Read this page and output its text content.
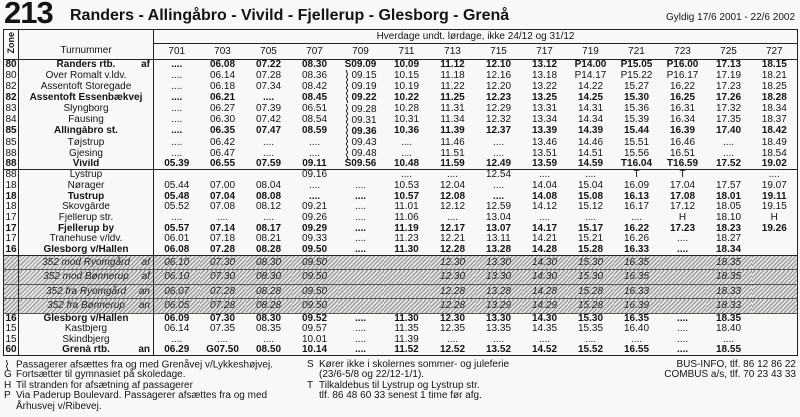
213 Randers - Allingåbro - Vivild - Fjellerup - Glesborg - Grenå	Gyldig 17/6 2001 - 22/6 2002
Zone		Hverdage undt. lørdage, ikke 24/12 og 31/12													
	Turnummer	701	703	705	707	709	711	713	715	717	719	721	723	725	727
80	Randers rtb. af	....	06.08	07.22	08.30	S09.09	10.09	11.12	12.10	13.12	P14.00	P15.05	P16.00	17.13	18.15
80	Over Romalt v.ldv.	....	06.14	07.28	08.36	09.15	10.15	11.18	12.16	13.18	P14.17	P15.22	P16.17	17.19	18.21
82	Assentoft Storegade	....	06.18	07.34	08.42	09.19	10.19	11.22	12.20	13.22	14.22	15.27	16.22	17.23	18.25
82	Assentoft Essenbækvej	....	06.21	....	08.45	09.22	10.22	11.25	12.23	13.25	14.25	15.30	16.25	17.26	18.28
83	Slyngborg	....	06.27	07.39	06.51	09.28	10.28	11.31	12.29	13.31	14.31	15.36	16.31	17.32	18.34
84	Fausing	....	06.30	07.42	08.54	09.31	10.31	11.34	12.32	13.34	14.34	15.39	16.34	17.35	18.37
85	Allingåbro st.	....	06.35	07.47	08.59	09.36	10.36	11.39	12.37	13.39	14.39	15.44	16.39	17.40	18.42
85	Tøjstrup	....	06.42	....	....	09.43	....	11.46	....	13.46	14.46	15.51	16.46	....	18.49
88	Gjesing	....	06.47	....	....	09.48	....	11.51	....	13.51	14.51	15.56	16.51	....	18.54
88	Vivild	05.39	06.55	07.59	09.11	S09.56	10.48	11.59	12.49	13.59	14.59	T16.04	T16.59	17.52	19.02
88	Lystrup				09.16		....	....	12.54	....	....	T	T		....
18	Nørager	05.44	07.00	08.04	....	....	10.53	12.04	....	14.04	15.04	16.09	17.04	17.57	19.07
18	Tustrup	05.48	07.04	08.08	....	....	10.57	12.08	....	14.08	15.08	16.13	17.08	18.01	19.11
18	Skovgårde	05.52	07.08	08.12	09.21	....	11.01	12.12	12.59	14.12	15.12	16.17	17.12	18.05	19.15
17	Fjellerup str.	....	....	....	09.26	....	11.06	....	13.04	....	....	....	H	18.10	H
17	Fjellerup by	05.57	07.14	08.17	09.29	....	11.19	12.17	13.07	14.17	15.17	16.22	17.23	18.23	19.26
17	Tranehuse v/ldv.	06.01	07.18	08.21	09.33	....	11.23	12.21	13.11	14.21	15.21	16.26	....	18.27	
16	Glesborg v/Hallen	06.08	07.28	08.28	09.50	....	11.30	12.28	13.28	14.28	15.28	16.33	....	18.34	
	352 mod Ryomgård af	06.10	07.30	08.30	09.50			12.30	13.30	14.30	15.30	16.35		18.35	
	352 mod Bønnerup af	06.10	07.30	08.30	09.50			12.30	13.30	14.30	15.30	16.35		18.35	
	352 fra Ryomgård an	06.07	07.28	08.28	09.50			12.28	13.28	14.28	15.28	16.33		18.33	
	352 fra Bønnerup an	06.05	07.28	08.28	09.50			12.28	13.29	14.29	15.28	16.39		18.33	
16	Glesborg v/Hallen	06.09	07.30	08.30	09.52	....	11.30	12.30	13.30	14.30	15.30	16.35	....	18.35	
15	Kastbjerg	06.14	07.35	08.35	09.57	....	11.35	12.35	13.35	14.35	15.35	16.40	....	18.40	
15	Skindbjerg	....	....	....	10.01	....	11.39	....	....	....	....	....	....	....	
60	Grenå rtb. an	06.29	G07.50	08.50	10.14	....	11.52	12.52	13.52	14.52	15.52	16.55	....	18.55	
Passagerer afsættes fra og med Grenåvej v/Lykkeshøjvej.
G Fortsætter til gymnasiet på skoledage.
H Til stranden for afsætning af passagerer
P Via Paderup Boulevard. Passagerer afsættes fra og med
Århusvej v/Ribevej.
S Kører ikke i skolernes sommer- og juleferie
(23/6-5/8 og 22/12-1/1).
T Tilkaldebus til Lystrup og Lystrup str.
tlf. 86 48 60 33 senest 1 time før afg.
BUS-INFO, tlf. 86 12 86 22
COMBUS a/s, tlf. 70 23 43 33
